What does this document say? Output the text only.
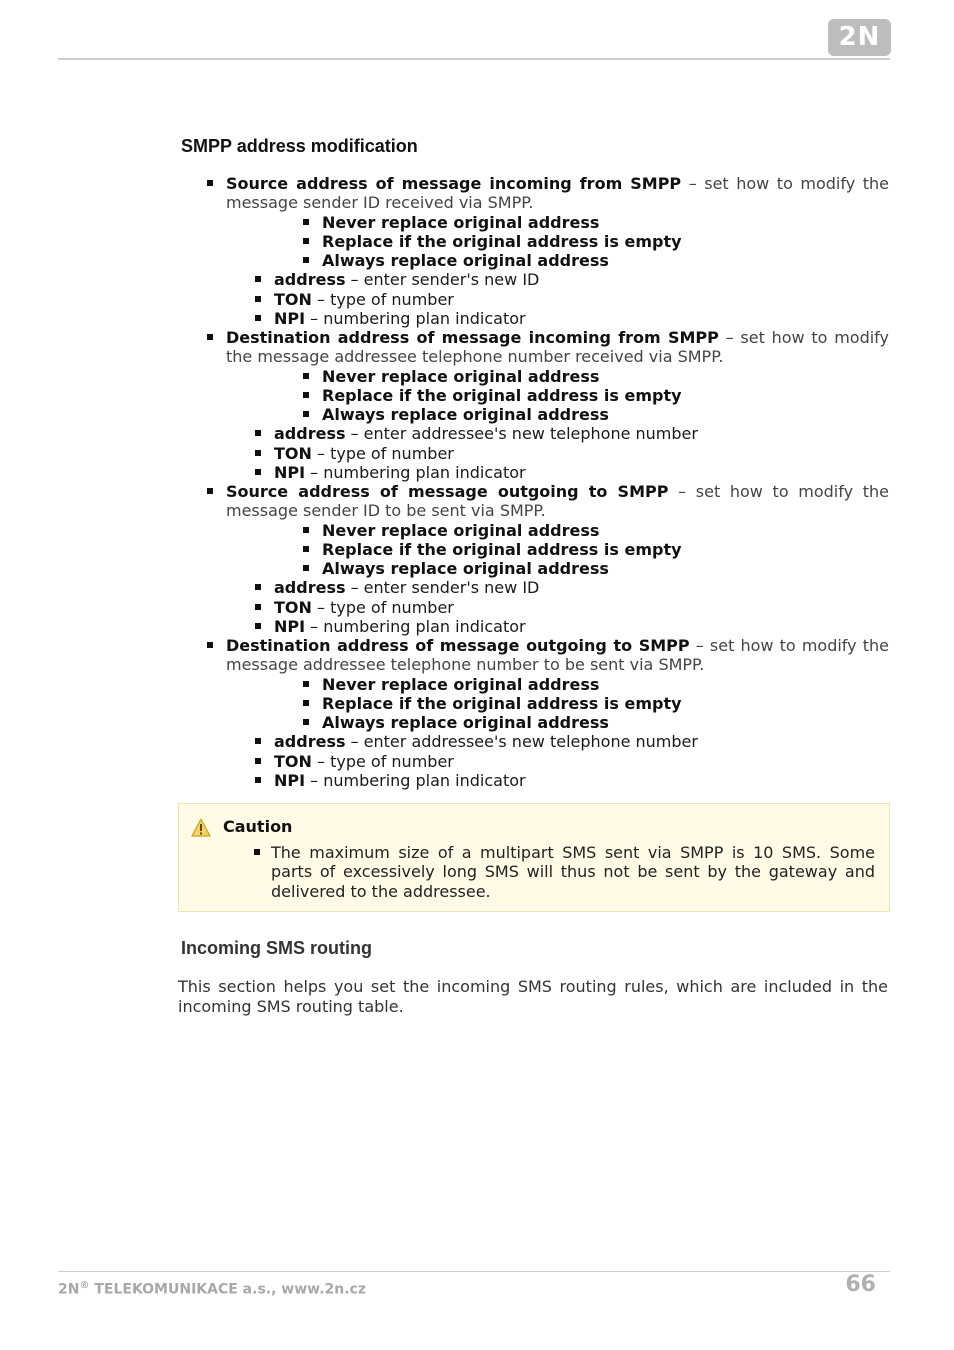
2N
SMPP address modification
Source address of message incoming from SMPP – set how to modify the message sender ID received via SMPP.
Never replace original address
Replace if the original address is empty
Always replace original address
address – enter sender's new ID
TON – type of number
NPI – numbering plan indicator
Destination address of message incoming from SMPP – set how to modify the message addressee telephone number received via SMPP.
Never replace original address
Replace if the original address is empty
Always replace original address
address – enter addressee's new telephone number
TON – type of number
NPI – numbering plan indicator
Source address of message outgoing to SMPP – set how to modify the message sender ID to be sent via SMPP.
Never replace original address
Replace if the original address is empty
Always replace original address
address – enter sender's new ID
TON – type of number
NPI – numbering plan indicator
Destination address of message outgoing to SMPP – set how to modify the message addressee telephone number to be sent via SMPP.
Never replace original address
Replace if the original address is empty
Always replace original address
address – enter addressee's new telephone number
TON – type of number
NPI – numbering plan indicator
Caution
The maximum size of a multipart SMS sent via SMPP is 10 SMS. Some parts of excessively long SMS will thus not be sent by the gateway and delivered to the addressee.
Incoming SMS routing

This section helps you set the incoming SMS routing rules, which are included in the incoming SMS routing table.

2N® TELEKOMUNIKACE a.s., www.2n.cz	66
